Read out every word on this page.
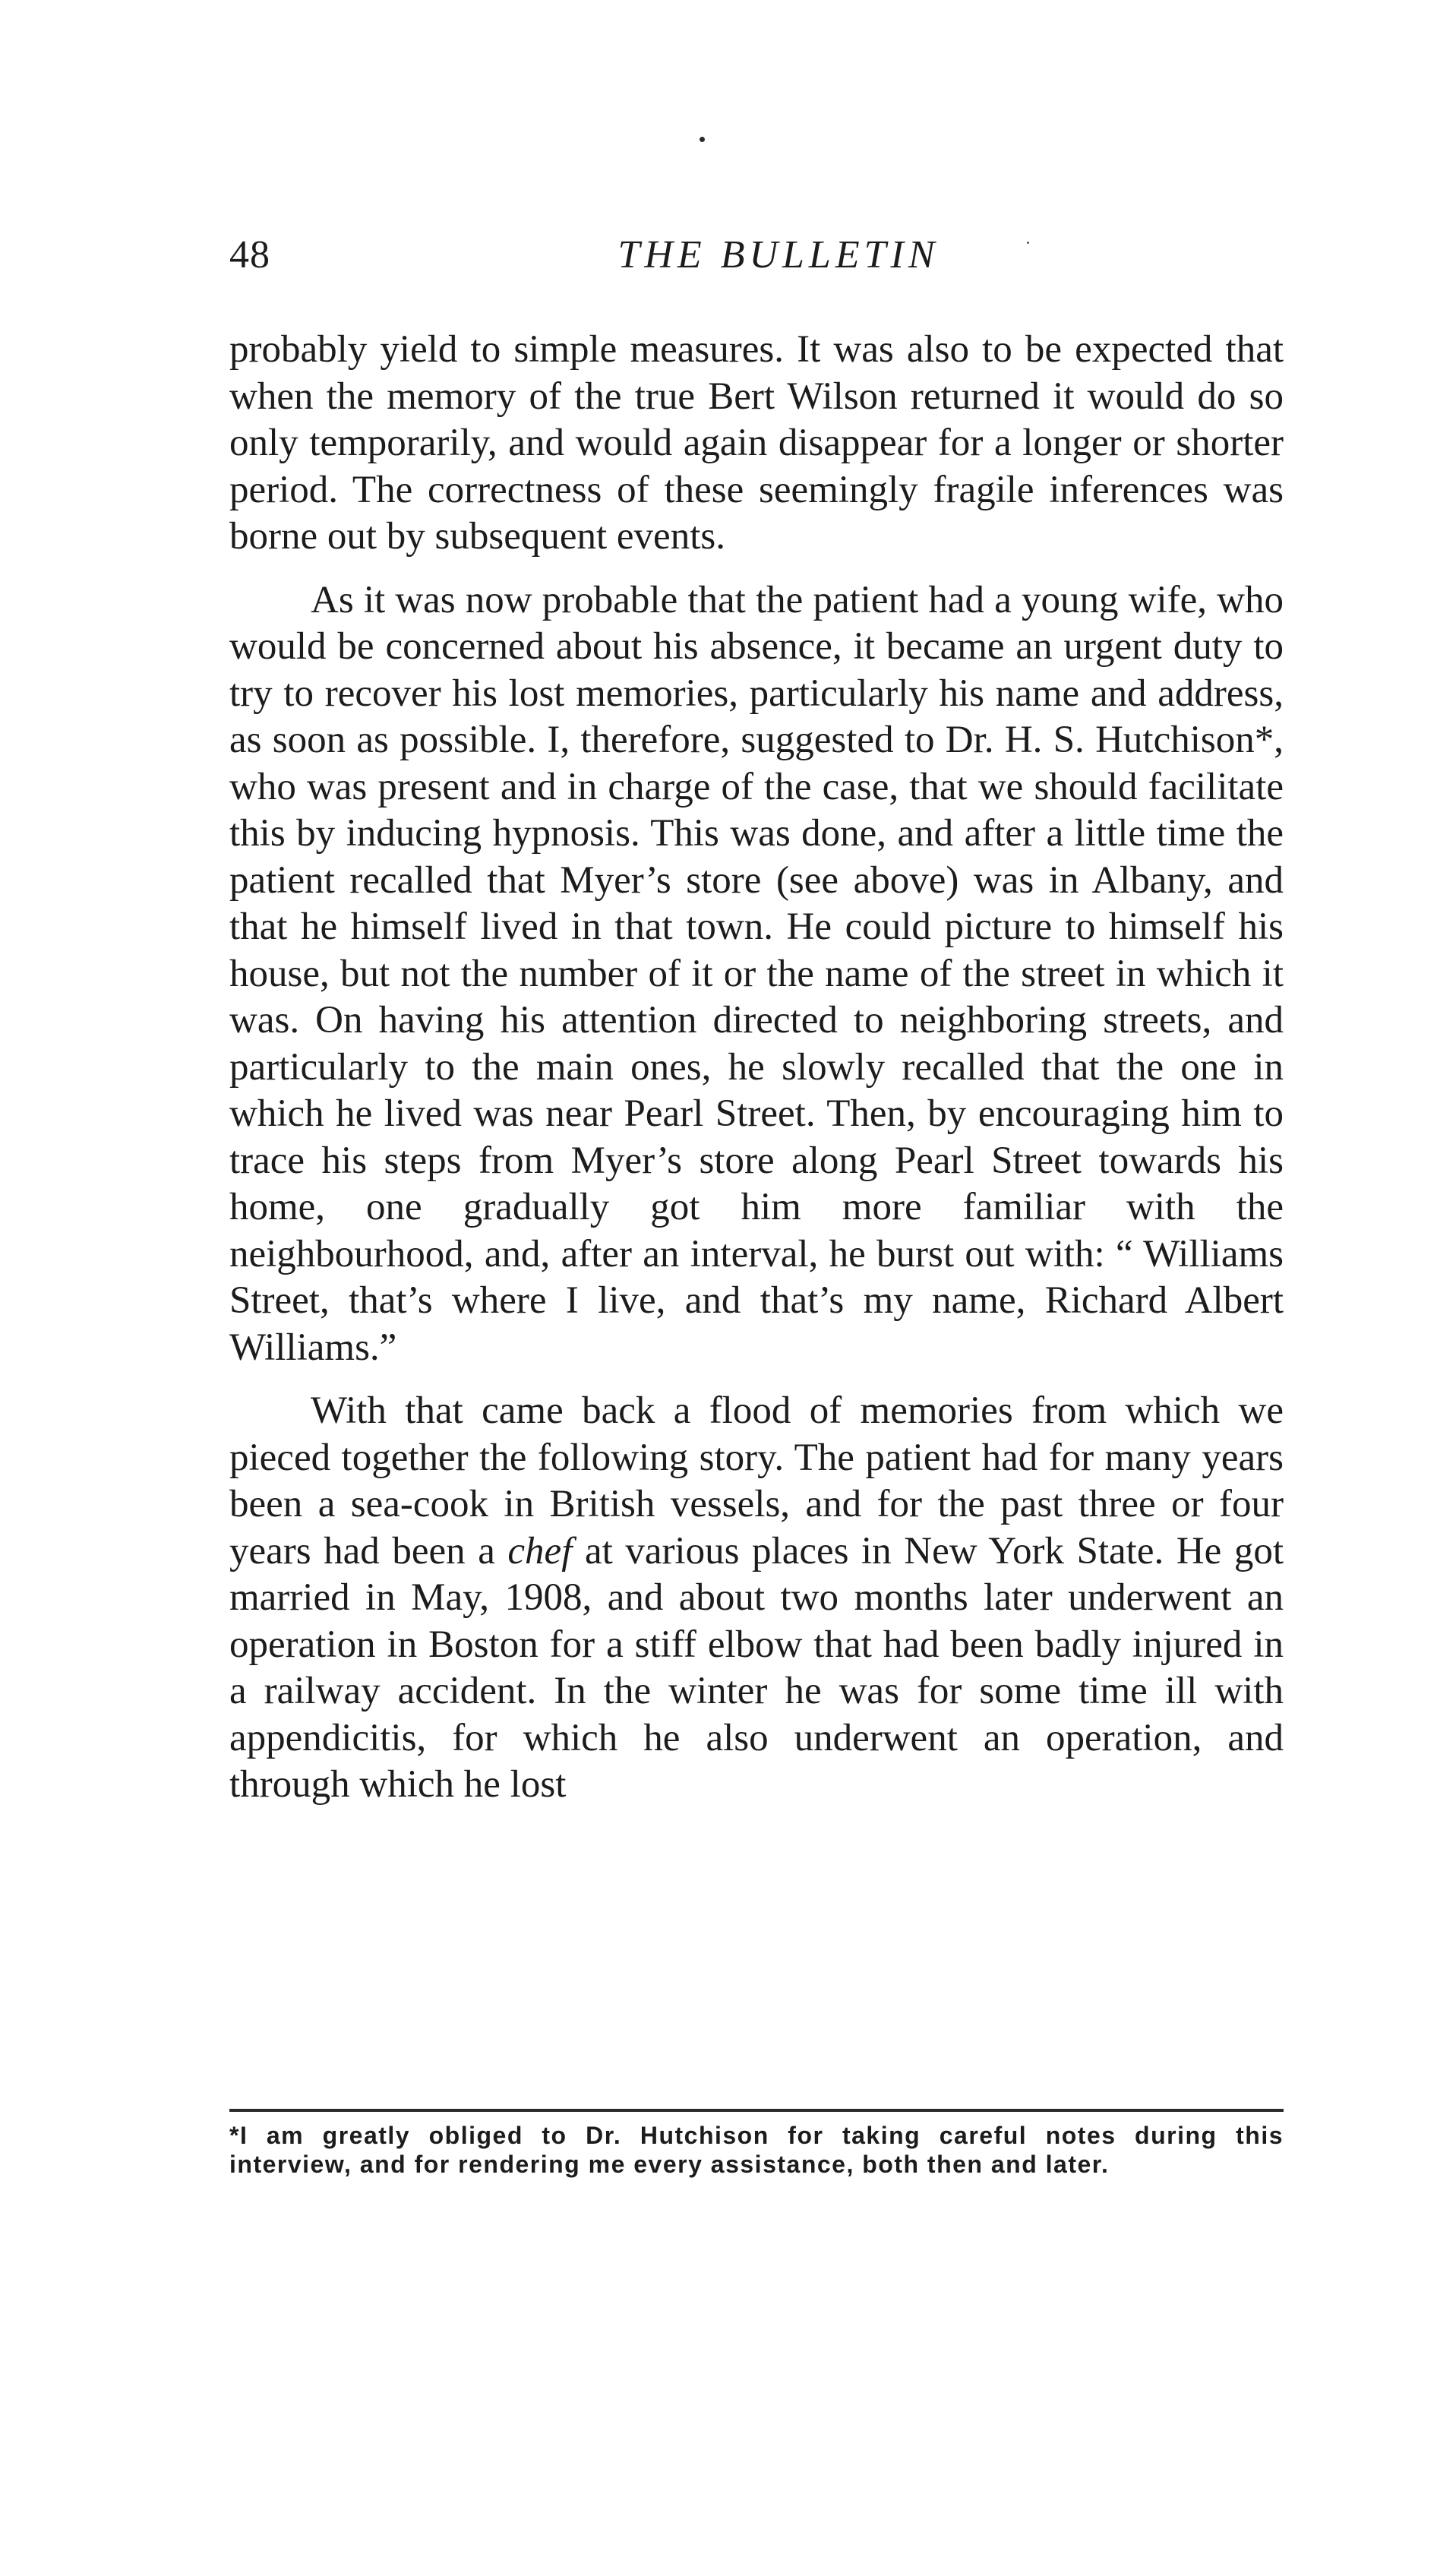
48	THE BULLETIN

probably yield to simple measures. It was also to be expected that when the memory of the true Bert Wilson returned it would do so only temporarily, and would again disappear for a longer or shorter period. The correctness of these seemingly fragile inferences was borne out by subsequent events.

As it was now probable that the patient had a young wife, who would be concerned about his absence, it became an urgent duty to try to recover his lost memories, particularly his name and address, as soon as possible. I, therefore, suggested to Dr. H. S. Hutchison*, who was present and in charge of the case, that we should facilitate this by inducing hypnosis. This was done, and after a little time the patient recalled that Myer’s store (see above) was in Albany, and that he himself lived in that town. He could picture to himself his house, but not the number of it or the name of the street in which it was. On having his attention directed to neighboring streets, and particularly to the main ones, he slowly recalled that the one in which he lived was near Pearl Street. Then, by encouraging him to trace his steps from Myer’s store along Pearl Street towards his home, one gradually got him more familiar with the neighbourhood, and, after an interval, he burst out with: “ Williams Street, that’s where I live, and that’s my name, Richard Albert Williams.”

With that came back a flood of memories from which we pieced together the following story. The patient had for many years been a sea-cook in British vessels, and for the past three or four years had been a chef at various places in New York State. He got married in May, 1908, and about two months later underwent an operation in Boston for a stiff elbow that had been badly injured in a railway accident. In the winter he was for some time ill with appendicitis, for which he also underwent an operation, and through which he lost

*I am greatly obliged to Dr. Hutchison for taking careful notes during this interview, and for rendering me every assistance, both then and later.
